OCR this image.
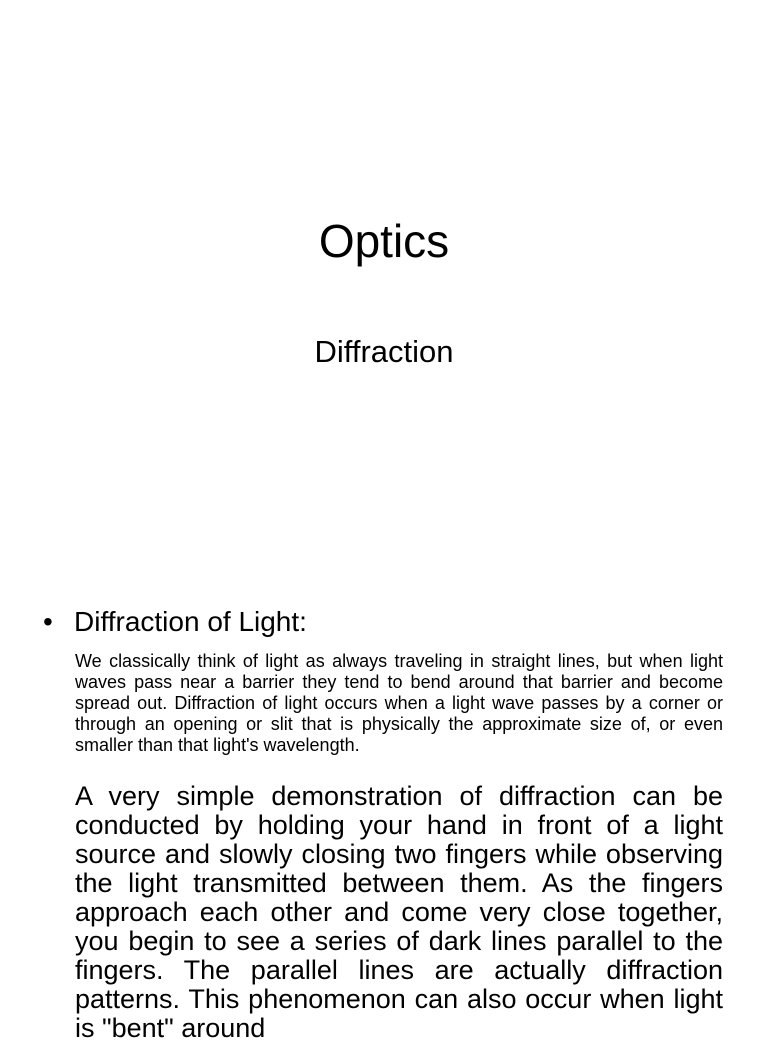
Optics
Diffraction
• Diffraction of Light:

We classically think of light as always traveling in straight lines, but when light waves pass near a barrier they tend to bend around that barrier and become spread out. Diffraction of light occurs when a light wave passes by a corner or through an opening or slit that is physically the approximate size of, or even smaller than that light's wavelength.

A very simple demonstration of diffraction can be conducted by holding your hand in front of a light source and slowly closing two fingers while observing the light transmitted between them. As the fingers approach each other and come very close together, you begin to see a series of dark lines parallel to the fingers. The parallel lines are actually diffraction patterns. This phenomenon can also occur when light is "bent" around
